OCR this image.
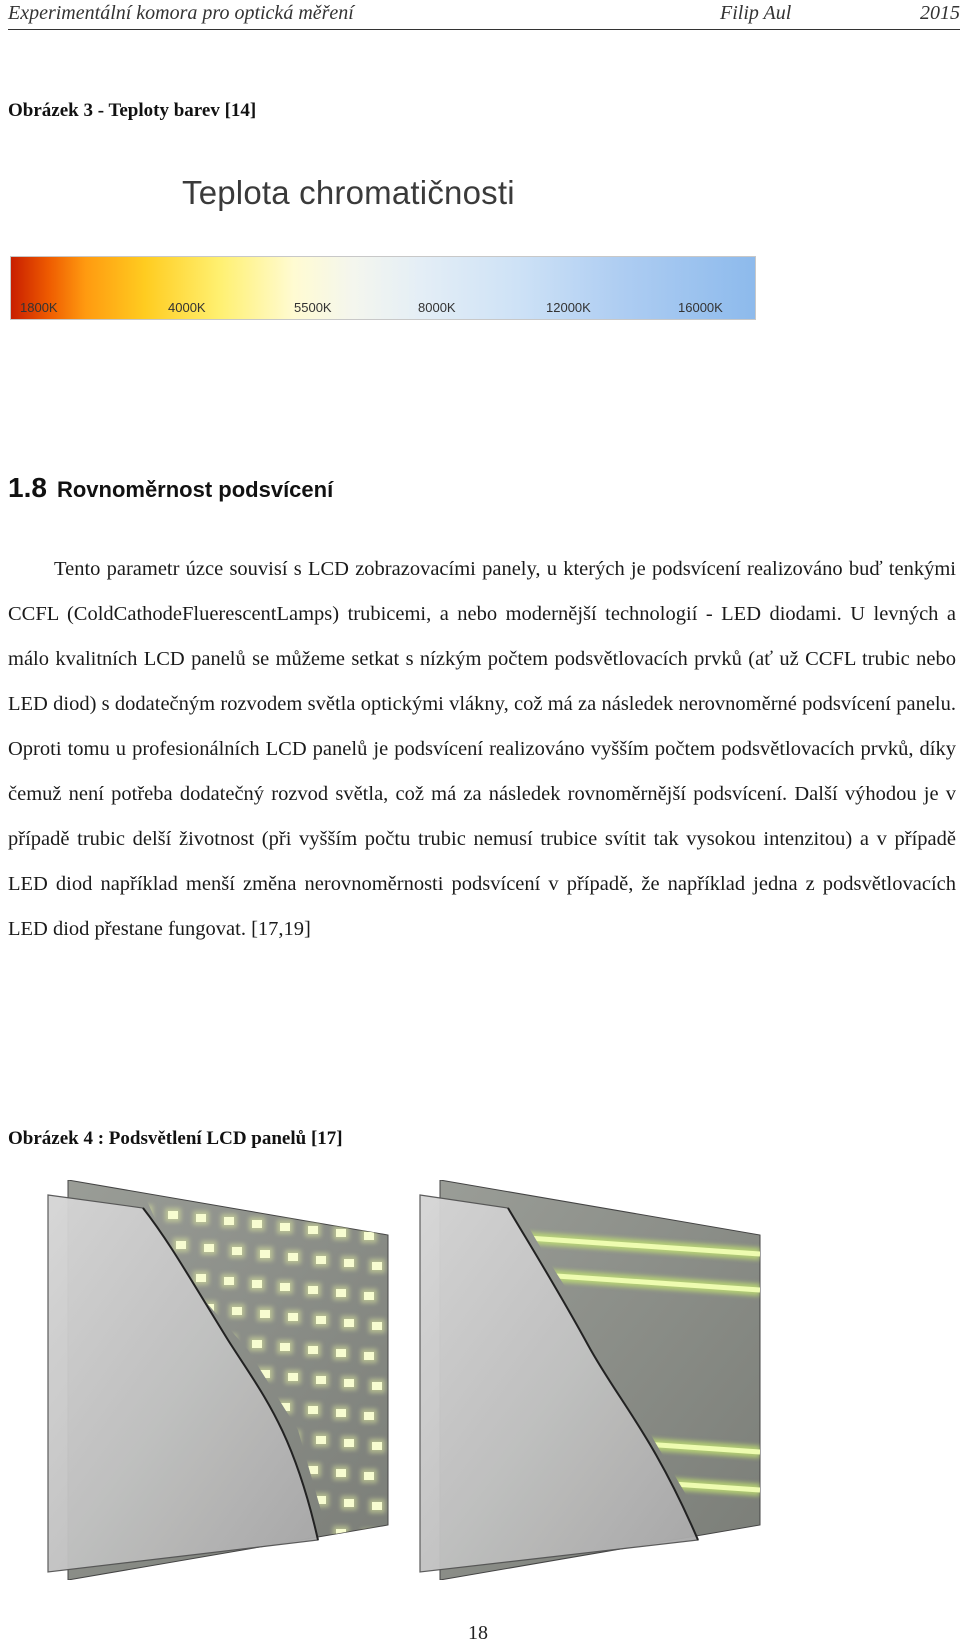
Experimentální komora pro optická měření	Filip Aul	2015
Obrázek 3 - Teploty barev [14]
Teplota chromatičnosti
1800K	4000K	5500K	8000K	12000K	16000K
1.8 Rovnoměrnost podsvícení

Tento parametr úzce souvisí s LCD zobrazovacími panely, u kterých je podsvícení realizováno buď tenkými CCFL (ColdCathodeFluerescentLamps) trubicemi, a nebo modernější technologií - LED diodami. U levných a málo kvalitních LCD panelů se můžeme setkat s nízkým počtem podsvětlovacích prvků (ať už CCFL trubic nebo LED diod) s dodatečným rozvodem světla optickými vlákny, což má za následek nerovnoměrné podsvícení panelu. Oproti tomu u profesionálních LCD panelů je podsvícení realizováno vyšším počtem podsvětlovacích prvků, díky čemuž není potřeba dodatečný rozvod světla, což má za následek rovnoměrnější podsvícení. Další výhodou je v případě trubic delší životnost (při vyšším počtu trubic nemusí trubice svítit tak vysokou intenzitou) a v případě LED diod například menší změna nerovnoměrnosti podsvícení v případě, že například jedna z podsvětlovacích LED diod přestane fungovat. [17,19]

Obrázek 4 : Podsvětlení LCD panelů [17]
18
